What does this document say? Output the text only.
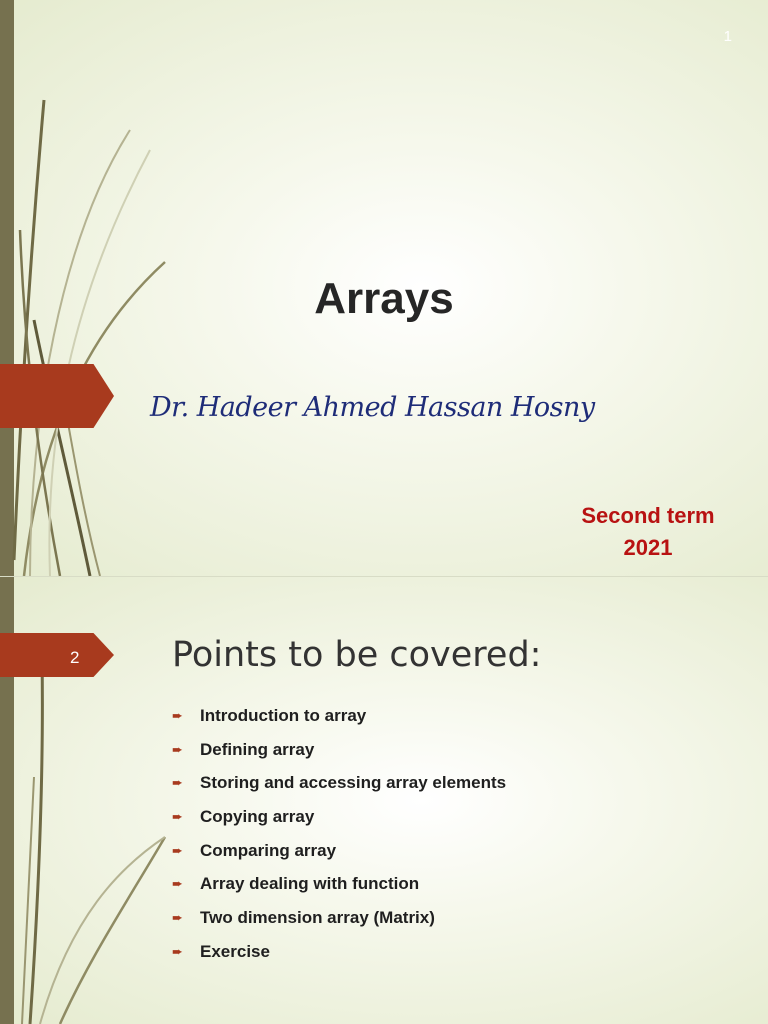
1
Arrays
Dr. Hadeer Ahmed Hassan Hosny
Second term
2021
2	Points to be covered:
➨	Introduction to array
➨	Defining array
➨	Storing and accessing array elements
➨	Copying array
➨	Comparing array
➨	Array dealing with function
➨	Two dimension array (Matrix)
➨	Exercise
